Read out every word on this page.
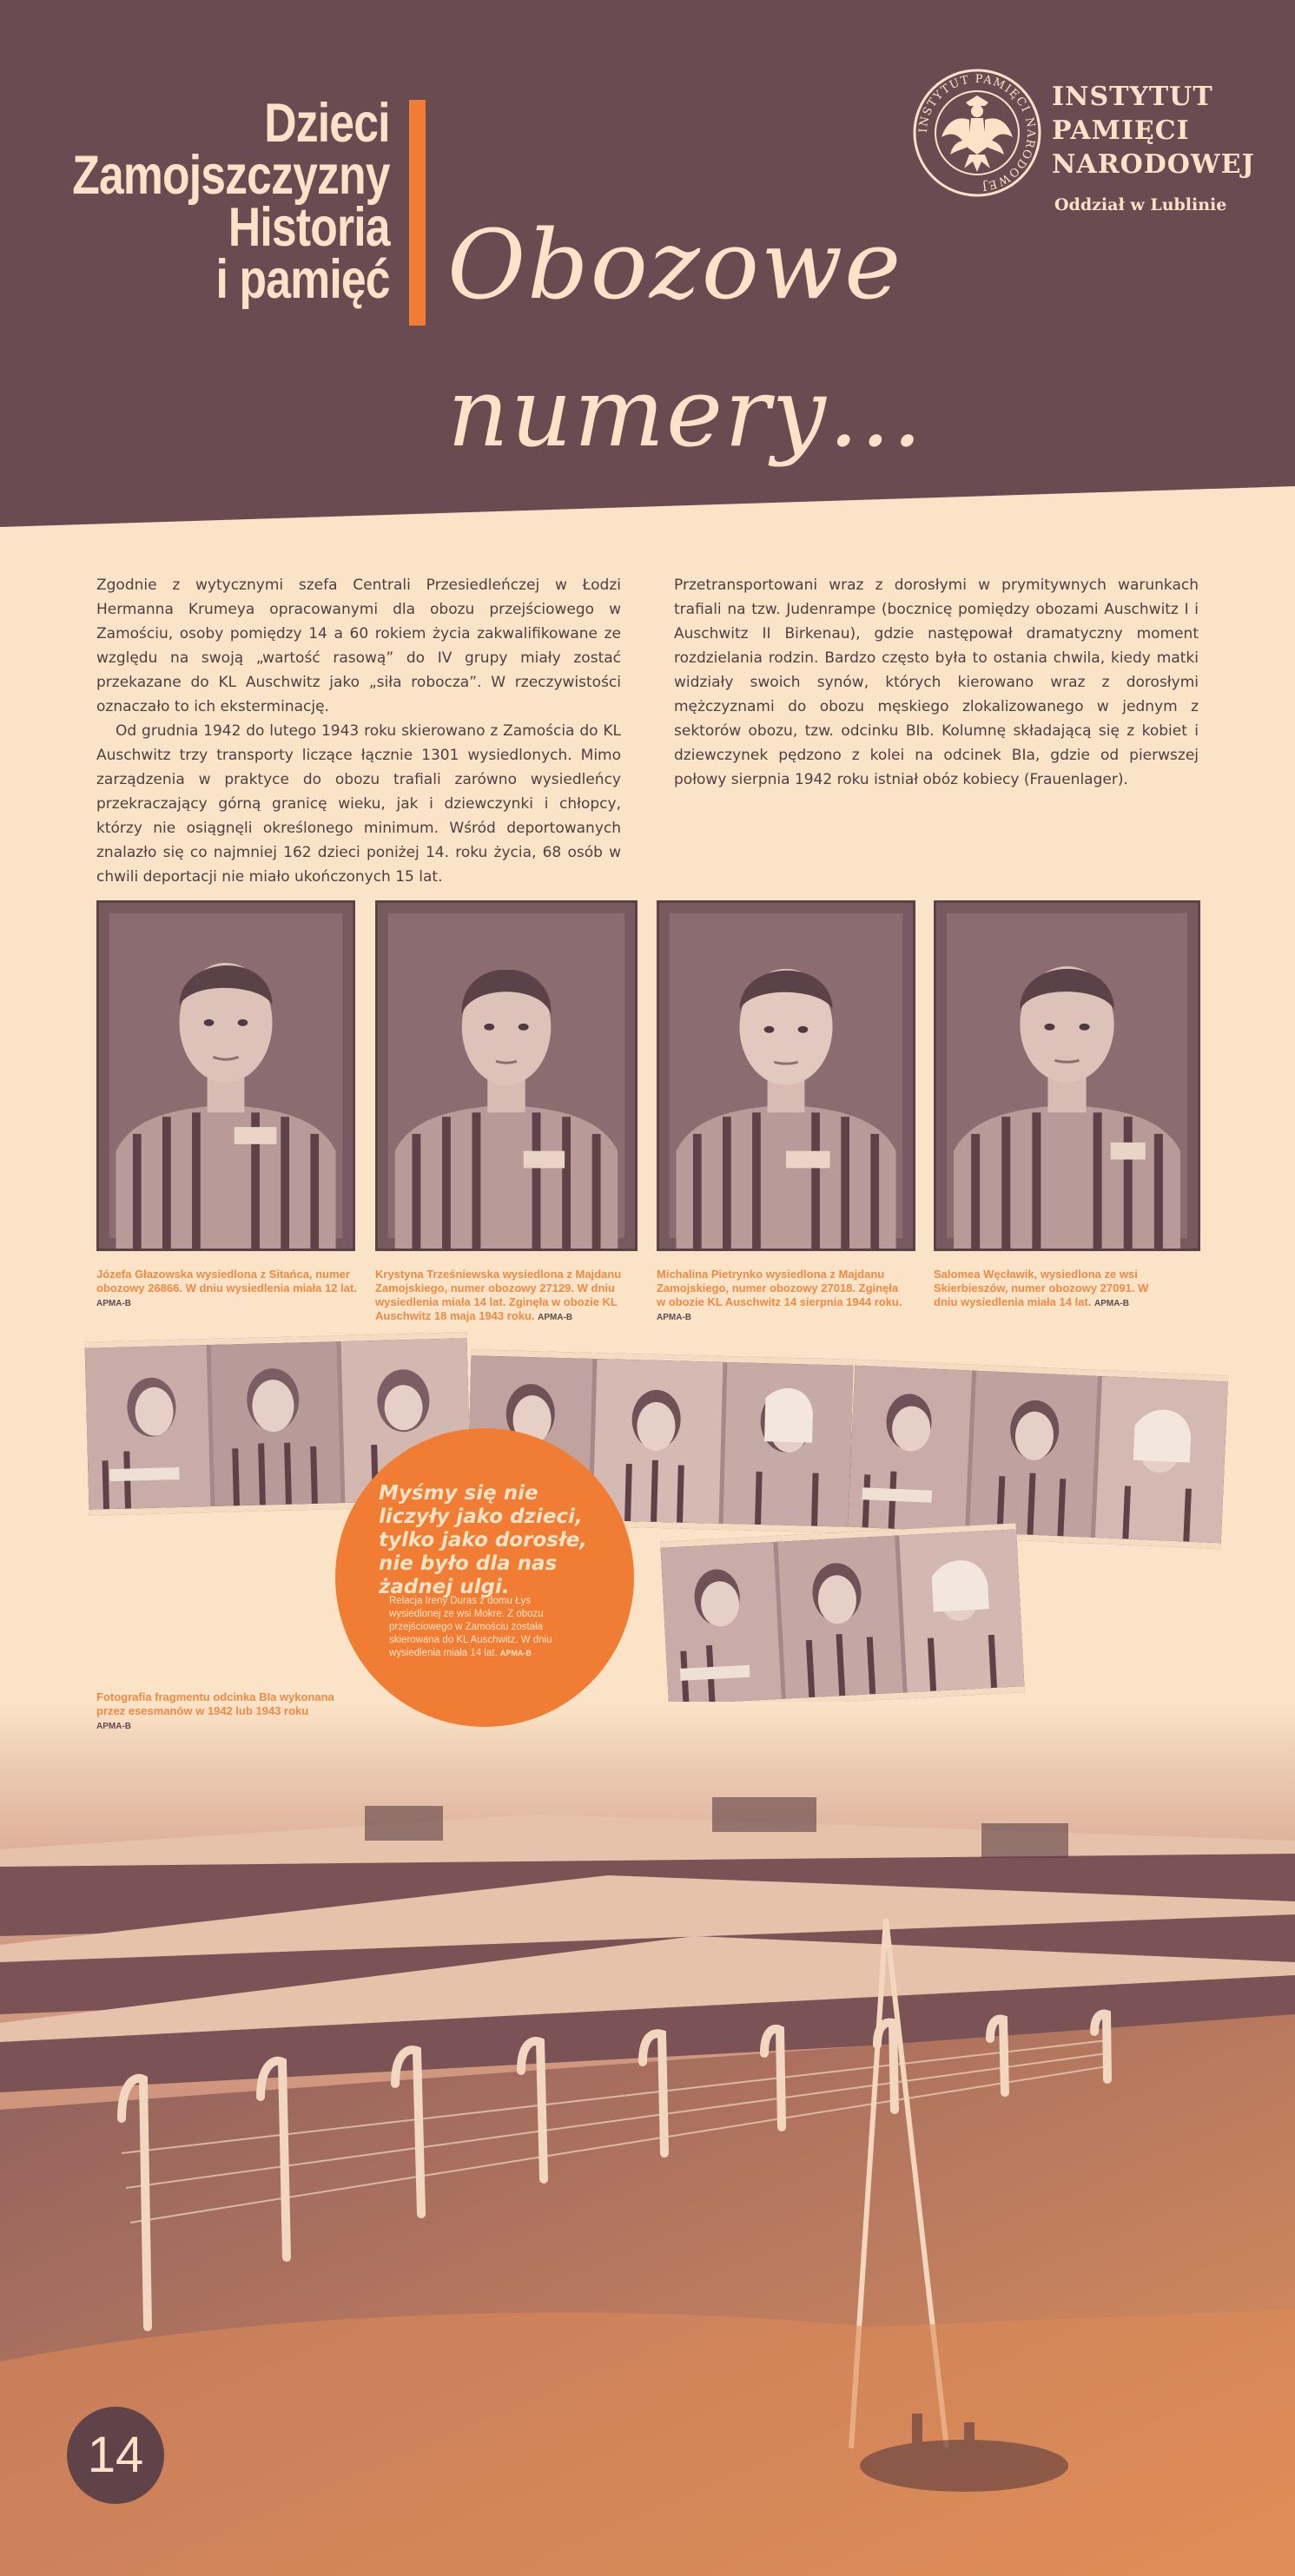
Dzieci
Zamojszczyzny
Historia
i pamięć Obozowe
numery…
INSTYTUT PAMIĘCI NARODOWEJ
INSTYTUT
PAMIĘCI
NARODOWEJ
Oddział w Lublinie

Zgodnie z wytycznymi szefa Centrali Przesiedleńczej w Łodzi Hermanna Krumeya opracowanymi dla obozu przejściowego w Zamościu, osoby pomiędzy 14 a 60 rokiem życia zakwalifikowane ze względu na swoją „wartość rasową” do IV grupy miały zostać przekazane do KL Auschwitz jako „siła robocza”. W rzeczywistości oznaczało to ich eksterminację.

Od grudnia 1942 do lutego 1943 roku skierowano z Zamościa do KL Auschwitz trzy transporty liczące łącznie 1301 wysiedlonych. Mimo zarządzenia w praktyce do obozu trafiali zarówno wysiedleńcy przekraczający górną granicę wieku, jak i dziewczynki i chłopcy, którzy nie osiągnęli określonego minimum. Wśród deportowanych znalazło się co najmniej 162 dzieci poniżej 14. roku życia, 68 osób w chwili deportacji nie miało ukończonych 15 lat.

Przetransportowani wraz z dorosłymi w prymitywnych warunkach trafiali na tzw. Judenrampe (bocznicę pomiędzy obozami Auschwitz I i Auschwitz II Birkenau), gdzie następował dramatyczny moment rozdzielania rodzin. Bardzo często była to ostania chwila, kiedy matki widziały swoich synów, których kierowano wraz z dorosłymi mężczyznami do obozu męskiego zlokalizowanego w jednym z sektorów obozu, tzw. odcinku BIb. Kolumnę składającą się z kobiet i dziewczynek pędzono z kolei na odcinek BIa, gdzie od pierwszej połowy sierpnia 1942 roku istniał obóz kobiecy (Frauenlager).

Józefa Głazowska wysiedlona z Sitańca, numer obozowy 26866. W dniu wysiedlenia miała 12 lat.
APMA-B
Krystyna Trześniewska wysiedlona z Majdanu Zamojskiego, numer obozowy 27129. W dniu wysiedlenia miała 14 lat. Zginęła w obozie KL Auschwitz 18 maja 1943 roku. APMA-B
Michalina Pietrynko wysiedlona z Majdanu Zamojskiego, numer obozowy 27018. Zginęła w obozie KL Auschwitz 14 sierpnia 1944 roku.
APMA-B
Salomea Węcławik, wysiedlona ze wsi Skierbieszów, numer obozowy 27091. W dniu wysiedlenia miała 14 lat. APMA-B
Myśmy się nie liczyły jako dzieci, tylko jako dorosłe, nie było dla nas żadnej ulgi.
Relacja Ireny Duras z domu Łys wysiedlonej ze wsi Mokre. Z obozu przejściowego w Zamościu została skierowana do KL Auschwitz. W dniu wysiedlenia miała 14 lat. APMA-B
Fotografia fragmentu odcinka BIa wykonana przez esesmanów w 1942 lub 1943 roku
APMA-B
14
